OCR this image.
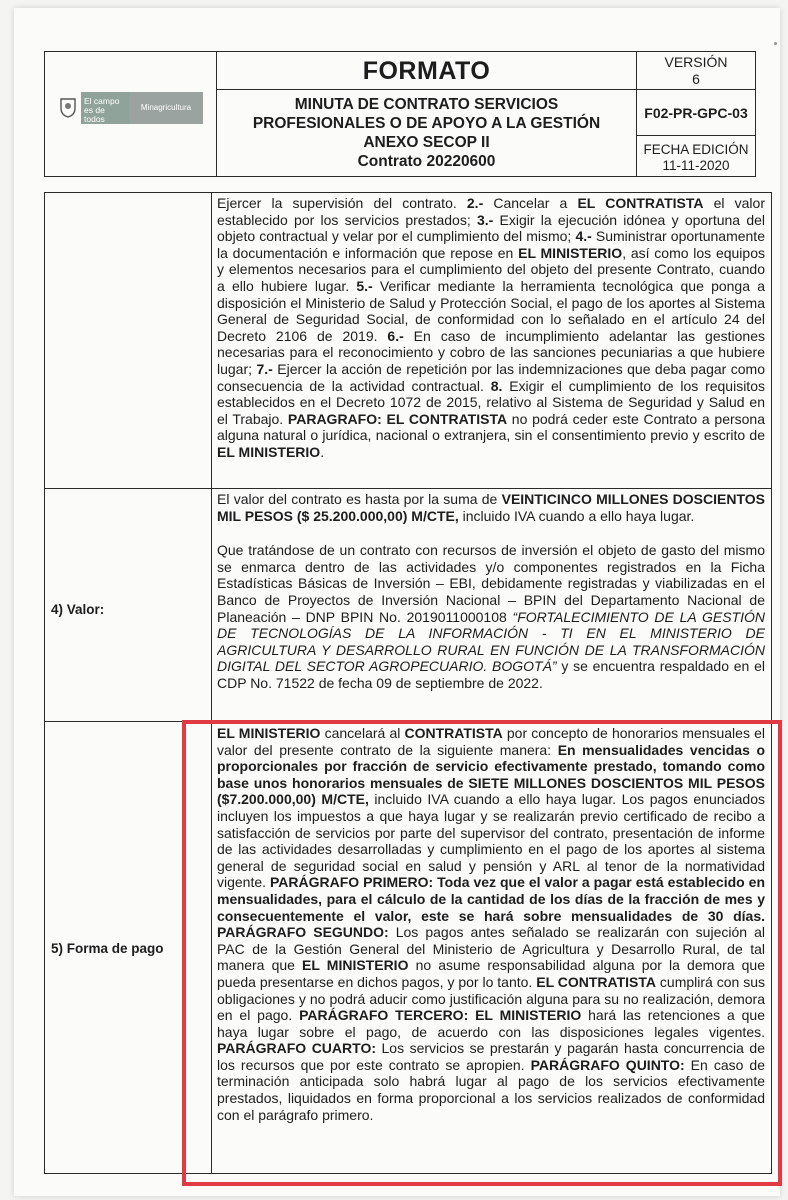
El campo es de todos
Minagricultura
FORMATO
MINUTA DE CONTRATO SERVICIOS
PROFESIONALES O DE APOYO A LA GESTIÓN
ANEXO SECOP II
Contrato 20220600
VERSIÓN
6
F02-PR-GPC-03
FECHA EDICIÓN
11-11-2020

Ejercer la supervisión del contrato. 2.- Cancelar a EL CONTRATISTA el valor establecido por los servicios prestados; 3.- Exigir la ejecución idónea y oportuna del objeto contractual y velar por el cumplimiento del mismo; 4.- Suministrar oportunamente la documentación e información que repose en EL MINISTERIO, así como los equipos y elementos necesarios para el cumplimiento del objeto del presente Contrato, cuando a ello hubiere lugar. 5.- Verificar mediante la herramienta tecnológica que ponga a disposición el Ministerio de Salud y Protección Social, el pago de los aportes al Sistema General de Seguridad Social, de conformidad con lo señalado en el artículo 24 del Decreto 2106 de 2019. 6.- En caso de incumplimiento adelantar las gestiones necesarias para el reconocimiento y cobro de las sanciones pecuniarias a que hubiere lugar; 7.- Ejercer la acción de repetición por las indemnizaciones que deba pagar como consecuencia de la actividad contractual. 8. Exigir el cumplimiento de los requisitos establecidos en el Decreto 1072 de 2015, relativo al Sistema de Seguridad y Salud en el Trabajo. PARAGRAFO: EL CONTRATISTA no podrá ceder este Contrato a persona alguna natural o jurídica, nacional o extranjera, sin el consentimiento previo y escrito de EL MINISTERIO.

4) Valor:

El valor del contrato es hasta por la suma de VEINTICINCO MILLONES DOSCIENTOS MIL PESOS ($ 25.200.000,00) M/CTE, incluido IVA cuando a ello haya lugar.

Que tratándose de un contrato con recursos de inversión el objeto de gasto del mismo se enmarca dentro de las actividades y/o componentes registrados en la Ficha Estadísticas Básicas de Inversión – EBI, debidamente registradas y viabilizadas en el Banco de Proyectos de Inversión Nacional – BPIN del Departamento Nacional de Planeación – DNP BPIN No. 2019011000108 “FORTALECIMIENTO DE LA GESTIÓN DE TECNOLOGÍAS DE LA INFORMACIÓN - TI EN EL MINISTERIO DE AGRICULTURA Y DESARROLLO RURAL EN FUNCIÓN DE LA TRANSFORMACIÓN DIGITAL DEL SECTOR AGROPECUARIO. BOGOTÁ” y se encuentra respaldado en el CDP No. 71522 de fecha 09 de septiembre de 2022.

5) Forma de pago

EL MINISTERIO cancelará al CONTRATISTA por concepto de honorarios mensuales el valor del presente contrato de la siguiente manera: En mensualidades vencidas o proporcionales por fracción de servicio efectivamente prestado, tomando como base unos honorarios mensuales de SIETE MILLONES DOSCIENTOS MIL PESOS ($7.200.000,00) M/CTE, incluido IVA cuando a ello haya lugar. Los pagos enunciados incluyen los impuestos a que haya lugar y se realizarán previo certificado de recibo a satisfacción de servicios por parte del supervisor del contrato, presentación de informe de las actividades desarrolladas y cumplimiento en el pago de los aportes al sistema general de seguridad social en salud y pensión y ARL al tenor de la normatividad vigente. PARÁGRAFO PRIMERO: Toda vez que el valor a pagar está establecido en mensualidades, para el cálculo de la cantidad de los días de la fracción de mes y consecuentemente el valor, este se hará sobre mensualidades de 30 días. PARÁGRAFO SEGUNDO: Los pagos antes señalado se realizarán con sujeción al PAC de la Gestión General del Ministerio de Agricultura y Desarrollo Rural, de tal manera que EL MINISTERIO no asume responsabilidad alguna por la demora que pueda presentarse en dichos pagos, y por lo tanto. EL CONTRATISTA cumplirá con sus obligaciones y no podrá aducir como justificación alguna para su no realización, demora en el pago. PARÁGRAFO TERCERO: EL MINISTERIO hará las retenciones a que haya lugar sobre el pago, de acuerdo con las disposiciones legales vigentes. PARÁGRAFO CUARTO: Los servicios se prestarán y pagarán hasta concurrencia de los recursos que por este contrato se apropien. PARÁGRAFO QUINTO: En caso de terminación anticipada solo habrá lugar al pago de los servicios efectivamente prestados, liquidados en forma proporcional a los servicios realizados de conformidad con el parágrafo primero.
